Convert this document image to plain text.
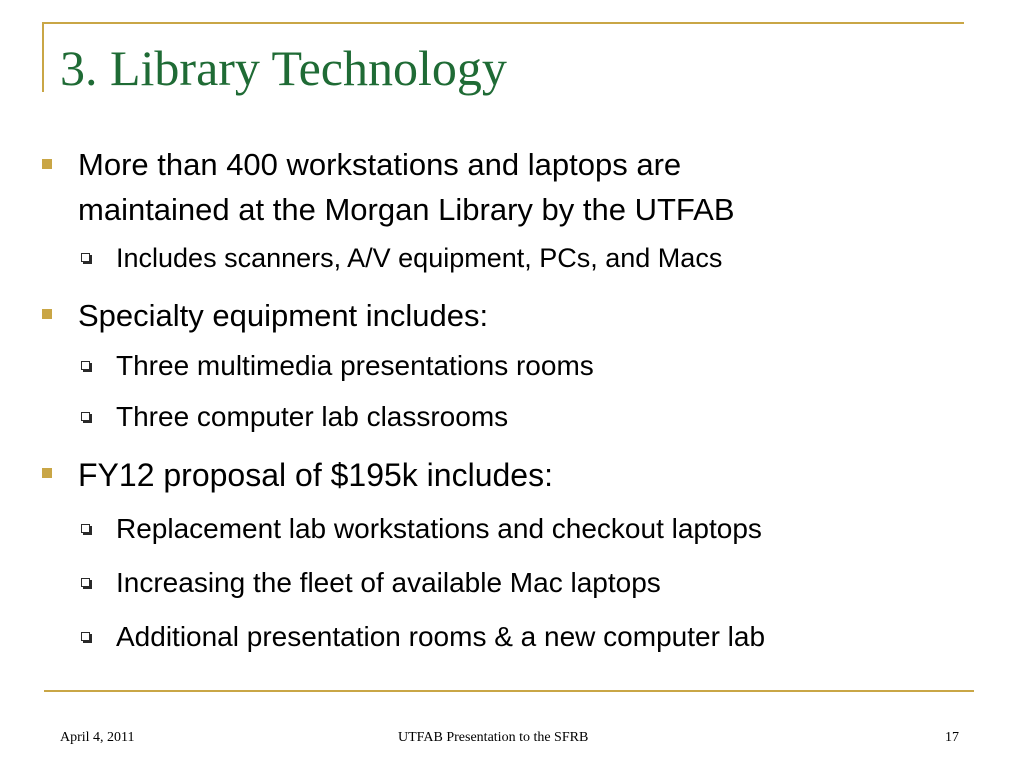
3. Library Technology
More than 400 workstations and laptops are
maintained at the Morgan Library by the UTFAB
Includes scanners, A/V equipment, PCs, and Macs
Specialty equipment includes:
Three multimedia presentations rooms
Three computer lab classrooms
FY12 proposal of $195k includes:
Replacement lab workstations and checkout laptops
Increasing the fleet of available Mac laptops
Additional presentation rooms & a new computer lab
April 4, 2011	UTFAB Presentation to the SFRB	17
